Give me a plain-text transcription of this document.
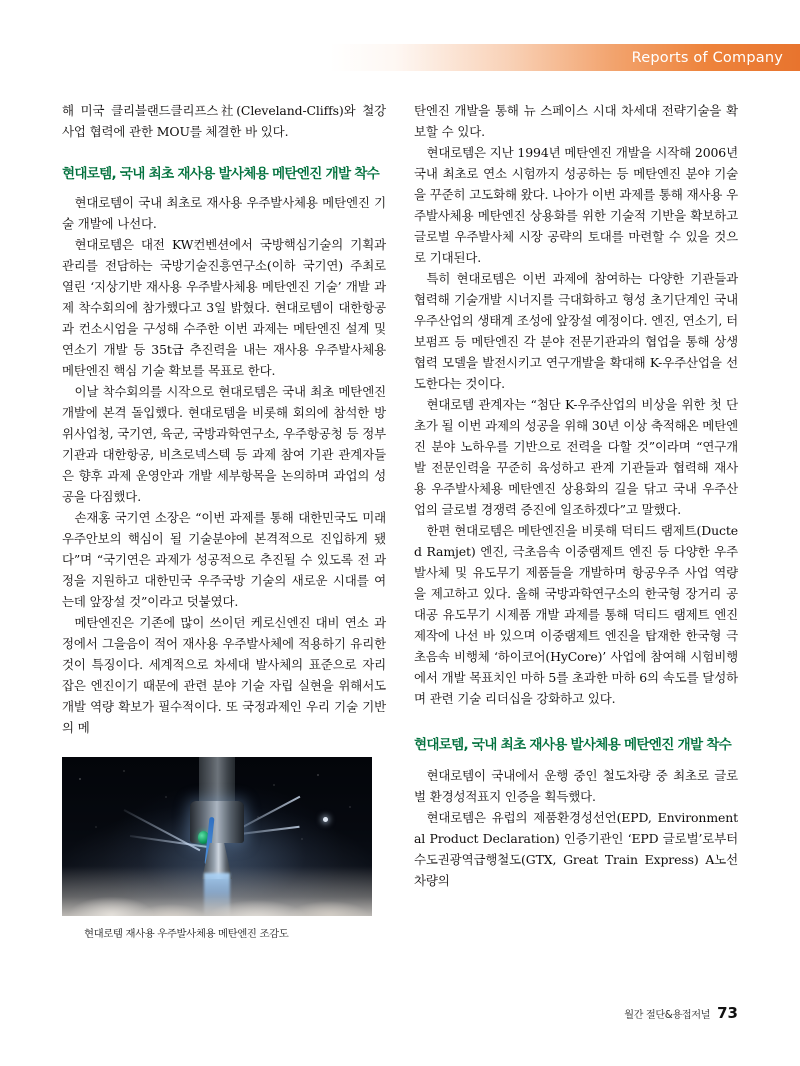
Reports of Company

해 미국 클리블랜드클리프스社(Cleveland-Cliffs)와 철강 사업 협력에 관한 MOU를 체결한 바 있다.

현대로템, 국내 최초 재사용 발사체용 메탄엔진 개발 착수

현대로템이 국내 최초로 재사용 우주발사체용 메탄엔진 기술 개발에 나선다.

현대로템은 대전 KW컨벤션에서 국방핵심기술의 기획과 관리를 전담하는 국방기술진흥연구소(이하 국기연) 주최로 열린 ‘지상기반 재사용 우주발사체용 메탄엔진 기술’ 개발 과제 착수회의에 참가했다고 3일 밝혔다. 현대로템이 대한항공과 컨소시엄을 구성해 수주한 이번 과제는 메탄엔진 설계 및 연소기 개발 등 35t급 추진력을 내는 재사용 우주발사체용 메탄엔진 핵심 기술 확보를 목표로 한다.

이날 착수회의를 시작으로 현대로템은 국내 최초 메탄엔진 개발에 본격 돌입했다. 현대로템을 비롯해 회의에 참석한 방위사업청, 국기연, 육군, 국방과학연구소, 우주항공청 등 정부기관과 대한항공, 비츠로넥스텍 등 과제 참여 기관 관계자들은 향후 과제 운영안과 개발 세부항목을 논의하며 과업의 성공을 다짐했다.

손재홍 국기연 소장은 “이번 과제를 통해 대한민국도 미래 우주안보의 핵심이 될 기술분야에 본격적으로 진입하게 됐다”며 “국기연은 과제가 성공적으로 추진될 수 있도록 전 과정을 지원하고 대한민국 우주국방 기술의 새로운 시대를 여는데 앞장설 것”이라고 덧붙였다.

메탄엔진은 기존에 많이 쓰이던 케로신엔진 대비 연소 과정에서 그을음이 적어 재사용 우주발사체에 적용하기 유리한 것이 특징이다. 세계적으로 차세대 발사체의 표준으로 자리잡은 엔진이기 때문에 관련 분야 기술 자립 실현을 위해서도 개발 역량 확보가 필수적이다. 또 국정과제인 우리 기술 기반의 메

현대로템 재사용 우주발사체용 메탄엔진 조감도

탄엔진 개발을 통해 뉴 스페이스 시대 차세대 전략기술을 확보할 수 있다.

현대로템은 지난 1994년 메탄엔진 개발을 시작해 2006년 국내 최초로 연소 시험까지 성공하는 등 메탄엔진 분야 기술을 꾸준히 고도화해 왔다. 나아가 이번 과제를 통해 재사용 우주발사체용 메탄엔진 상용화를 위한 기술적 기반을 확보하고 글로벌 우주발사체 시장 공략의 토대를 마련할 수 있을 것으로 기대된다.

특히 현대로템은 이번 과제에 참여하는 다양한 기관들과 협력해 기술개발 시너지를 극대화하고 형성 초기단계인 국내 우주산업의 생태계 조성에 앞장설 예정이다. 엔진, 연소기, 터보펌프 등 메탄엔진 각 분야 전문기관과의 협업을 통해 상생협력 모델을 발전시키고 연구개발을 확대해 K-우주산업을 선도한다는 것이다.

현대로템 관계자는 “첨단 K-우주산업의 비상을 위한 첫 단초가 될 이번 과제의 성공을 위해 30년 이상 축적해온 메탄엔진 분야 노하우를 기반으로 전력을 다할 것”이라며 “연구개발 전문인력을 꾸준히 육성하고 관계 기관들과 협력해 재사용 우주발사체용 메탄엔진 상용화의 길을 닦고 국내 우주산업의 글로벌 경쟁력 증진에 일조하겠다”고 말했다.

한편 현대로템은 메탄엔진을 비롯해 덕티드 램제트(Ducted Ramjet) 엔진, 극초음속 이중램제트 엔진 등 다양한 우주발사체 및 유도무기 제품들을 개발하며 항공우주 사업 역량을 제고하고 있다. 올해 국방과학연구소의 한국형 장거리 공대공 유도무기 시제품 개발 과제를 통해 덕티드 램제트 엔진 제작에 나선 바 있으며 이중램제트 엔진을 탑재한 한국형 극초음속 비행체 ‘하이코어(HyCore)’ 사업에 참여해 시험비행에서 개발 목표치인 마하 5를 초과한 마하 6의 속도를 달성하며 관련 기술 리더십을 강화하고 있다.

현대로템, 국내 최초 재사용 발사체용 메탄엔진 개발 착수

현대로템이 국내에서 운행 중인 철도차량 중 최초로 글로벌 환경성적표지 인증을 획득했다.

현대로템은 유럽의 제품환경성선언(EPD, Environmental Product Declaration) 인증기관인 ‘EPD 글로벌’로부터 수도권광역급행철도(GTX, Great Train Express) A노선 차량의

월간 절단&용접저널 73
